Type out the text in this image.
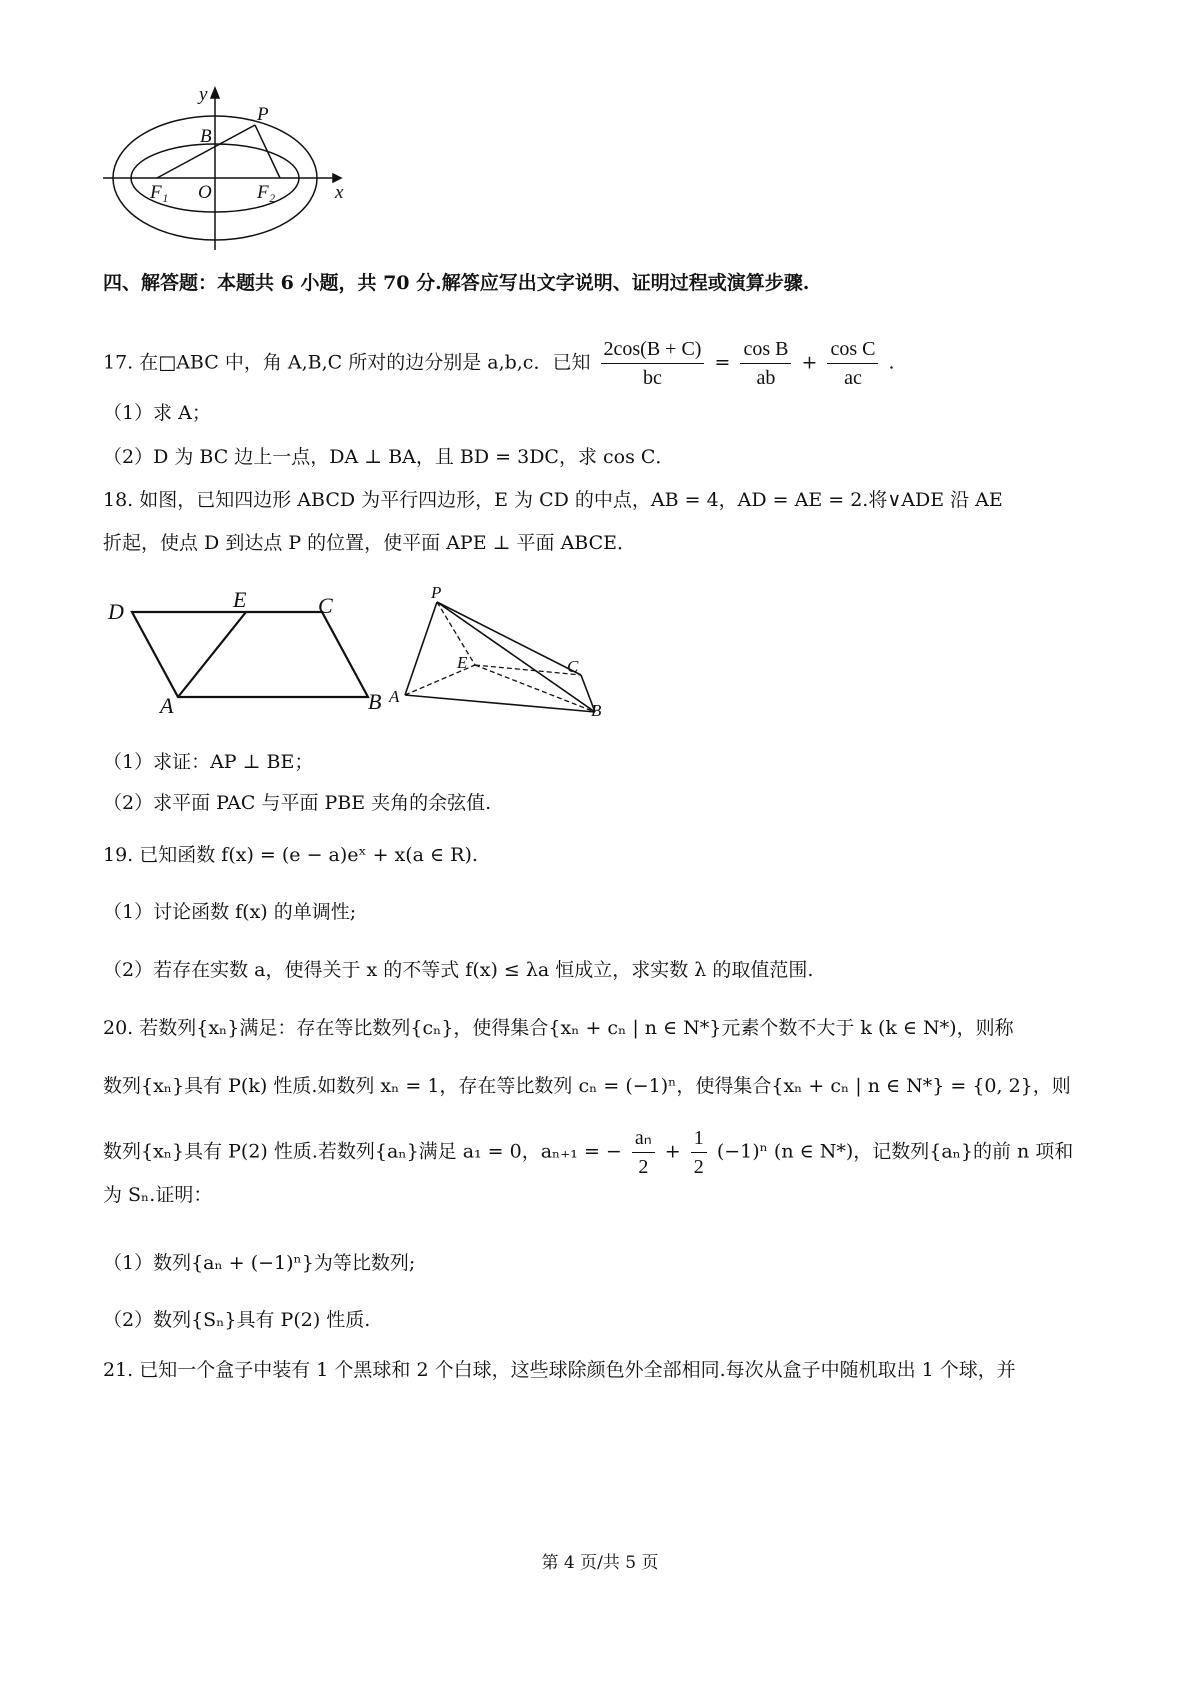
y
P
B
F₁ O F₂	x
四、解答题：本题共 6 小题，共 70 分.解答应写出文字说明、证明过程或演算步骤.
17. 在□ABC 中，角 A,B,C 所对的边分别是 a,b,c．已知 $\frac{2\cos(B + C)}{bc} = \frac{\text{cos B}}{ab} + \frac{\text{cos C}}{ac}$ .
（1）求 A；
（2）D 为 BC 边上一点，DA ⊥ BA，且 BD = 3DC，求 cos C．
18. 如图，已知四边形 ABCD 为平行四边形，E 为 CD 的中点，AB = 4，AD = AE = 2.将∨ADE 沿 AE
折起，使点 D 到达点 P 的位置，使平面 APE ⊥ 平面 ABCE．
D	E	C
A	B
P
E	C
A
B
（1）求证：AP ⊥ BE；
（2）求平面 PAC 与平面 PBE 夹角的余弦值.
19. 已知函数 f(x) = (e − a)eˣ + x(a ∈ R).
（1）讨论函数 f(x) 的单调性;
（2）若存在实数 a，使得关于 x 的不等式 f(x) ≤ λa 恒成立，求实数 λ 的取值范围.
20. 若数列{xₙ}满足：存在等比数列{cₙ}，使得集合{xₙ + cₙ | n ∈ N*}元素个数不大于 k (k ∈ N*)，则称
数列{xₙ}具有 P(k) 性质.如数列 xₙ = 1，存在等比数列 cₙ = (−1)ⁿ，使得集合{xₙ + cₙ | n ∈ N*} = {0, 2}，则
数列{xₙ}具有 P(2) 性质.若数列{aₙ}满足 a₁ = 0，aₙ₊₁ = − $\frac{\text{aₙ}}{2} + \frac{1}{2} (-1)^n$ (n ∈ N*)，记数列{aₙ}的前 n 项和
为 Sₙ.证明：
（1）数列{aₙ + (−1)ⁿ}为等比数列;
（2）数列{Sₙ}具有 P(2) 性质.
21. 已知一个盒子中装有 1 个黑球和 2 个白球，这些球除颜色外全部相同.每次从盒子中随机取出 1 个球，并
第 4 页/共 5 页
